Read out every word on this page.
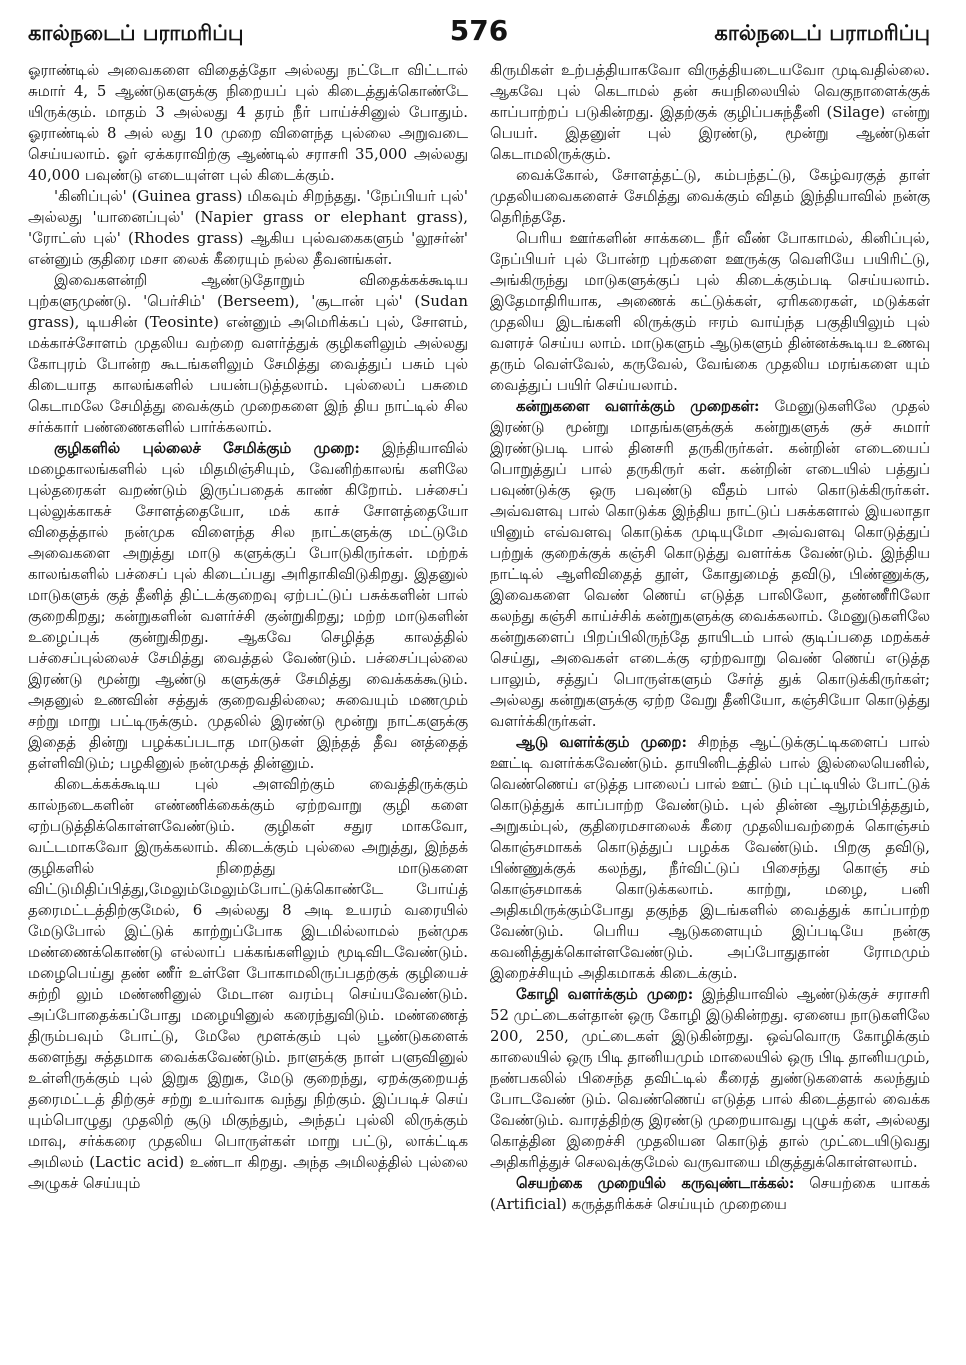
கால்நடைப் பராமரிப்பு	576	கால்நடைப் பராமரிப்பு

ஓராண்டில் அவைகளை விதைத்தோ அல்லது நட்டோ விட்டால் சுமார் 4, 5 ஆண்டுகளுக்கு நிறையப் புல் கிடைத்துக்கொண்டே யிருக்கும். மாதம் 3 அல்லது 4 தரம் நீர் பாய்ச்சினுல் போதும். ஓராண்டில் 8 அல் லது 10 முறை விளைந்த புல்லை அறுவடை செய்யலாம். ஓர் ஏக்கராவிற்கு ஆண்டில் சராசரி 35,000 அல்லது 40,000 பவுண்டு எடையுள்ள புல் கிடைக்கும்.

'கினிப்புல்' (Guinea grass) மிகவும் சிறந்தது. 'நேப்பியர் புல்' அல்லது 'யானைப்புல்' (Napier grass or elephant grass), 'ரோட்ஸ் புல்' (Rhodes grass) ஆகிய புல்வகைகளும் 'லூசர்ன்' என்னும் குதிரை மசா லைக் கீரையும் நல்ல தீவனங்கள்.

இவைகளன்றி ஆண்டுதோறும் விதைக்கக்கூடிய புற்களுமுண்டு. 'பெர்சிம்' (Berseem), 'சூடான் புல்' (Sudan grass), டியசின் (Teosinte) என்னும் அமெரிக்கப் புல், சோளம், மக்காச்சோளம் முதலிய வற்றை வளர்த்துக் குழிகளிலும் அல்லது கோபுரம் போன்ற கூடங்களிலும் சேமித்து வைத்துப் பசும் புல் கிடையாத காலங்களில் பயன்படுத்தலாம். புல்லைப் பசுமை கெடாமலே சேமித்து வைக்கும் முறைகளை இந் திய நாட்டில் சில சர்க்கார் பண்ணைகளில் பார்க்கலாம்.

குழிகளில் புல்லைச் சேமிக்கும் முறை: இந்தியாவில் மழைகாலங்களில் புல் மிதமிஞ்சியும், வேனிற்காலங் களிலே புல்தரைகள் வறண்டும் இருப்பதைக் காண் கிறோம். பச்சைப் புல்லுக்காகச் சோளத்தையோ, மக் காச் சோளத்தையோ விதைத்தால் நன்முக விளைந்த சில நாட்களுக்கு மட்டுமே அவைகளை அறுத்து மாடு களுக்குப் போடுகிருர்கள். மற்றக் காலங்களில் பச்சைப் புல் கிடைப்பது அரிதாகிவிடுகிறது. இதனுல் மாடுகளுக் குத் தீனித் திட்டக்குறைவு ஏற்பட்டுப் பசுக்களின் பால் குறைகிறது; கன்றுகளின் வளர்ச்சி குன்றுகிறது; மற்ற மாடுகளின் உழைப்புக் குன்றுகிறது. ஆகவே செழித்த காலத்தில் பச்சைப்புல்லைச் சேமித்து வைத்தல் வேண்டும். பச்சைப்புல்லை இரண்டு மூன்று ஆண்டு களுக்குச் சேமித்து வைக்கக்கூடும். அதனுல் உணவின் சத்துக் குறைவதில்லை; சுவையும் மணமும் சற்று மாறு பட்டிருக்கும். முதலில் இரண்டு மூன்று நாட்களுக்கு இதைத் தின்று பழக்கப்படாத மாடுகள் இந்தத் தீவ னத்தைத் தள்ளிவிடும்; பழகினுல் நன்முகத் தின்னும்.

கிடைக்கக்கூடிய புல் அளவிற்கும் வைத்திருக்கும் கால்நடைகளின் எண்ணிக்கைக்கும் ஏற்றவாறு குழி களை ஏற்படுத்திக்கொள்ளவேண்டும். குழிகள் சதுர மாகவோ, வட்டமாகவோ இருக்கலாம். கிடைக்கும் புல்லை அறுத்து, இந்தக் குழிகளில் நிறைத்து மாடுகளை விட்டுமிதிப்பித்து,மேலும்மேலும்போட்டுக்கொண்டே போய்த் தரைமட்டத்திற்குமேல், 6 அல்லது 8 அடி உயரம் வரையில் மேடுபோல் இட்டுக் காற்றுப்போக இடமில்லாமல் நன்முக மண்ணைக்கொண்டு எல்லாப் பக்கங்களிலும் மூடிவிடவேண்டும். மழைபெய்து தண் ணீர் உள்ளே போகாமலிருப்பதற்குக் குழியைச் சுற்றி லும் மண்ணினுல் மேடான வரம்பு செய்யவேண்டும். அப்போதைக்கப்போது மழையினுல் கரைந்துவிடும். மண்ணைத் திரும்பவும் போட்டு, மேலே மூளக்கும் புல் பூண்டுகளைக் களைந்து சுத்தமாக வைக்கவேண்டும். நாளுக்கு நாள் பளுவினுல் உள்ளிருக்கும் புல் இறுக இறுக, மேடு குறைந்து, ஏறக்குறையத் தரைமட்டத் திற்குச் சற்று உயர்வாக வந்து நிற்கும். இப்படிச் செய் யும்பொழுது முதலிற் சூடு மிகுந்தும், அந்தப் புல்லி லிருக்கும் மாவு, சர்க்கரை முதலிய பொருள்கள் மாறு பட்டு, லாக்ட்டிக அமிலம் (Lactic acid) உண்டா கிறது. அந்த அமிலத்தில் புல்லை அழுகச் செய்யும்

கிருமிகள் உற்பத்தியாகவோ விருத்தியடையவோ முடிவதில்லை. ஆகவே புல் கெடாமல் தன் சுயநிலையில் வெகுநாளைக்குக் காப்பாற்றப் படுகின்றது. இதற்குக் குழிப்பசுந்தீனி (Silage) என்று பெயர். இதனுள் புல் இரண்டு, மூன்று ஆண்டுகள் கெடாமலிருக்கும்.

வைக்கோல், சோளத்தட்டு, கம்பந்தட்டு, கேழ்வரகுத் தாள் முதலியவைகளைச் சேமித்து வைக்கும் விதம் இந்தியாவில் நன்கு தெரிந்ததே.

பெரிய ஊர்களின் சாக்கடை நீர் வீண் போகாமல், கினிப்புல், நேப்பியர் புல் போன்ற புற்களை ஊருக்கு வெளியே பயிரிட்டு, அங்கிருந்து மாடுகளுக்குப் புல் கிடைக்கும்படி செய்யலாம். இதேமாதிரியாக, அணைக் கட்டுக்கள், ஏரிகரைகள், மடுக்கள் முதலிய இடங்களி லிருக்கும் ஈரம் வாய்ந்த பகுதியிலும் புல் வளரச் செய்ய லாம். மாடுகளும் ஆடுகளும் தின்னக்கூடிய உணவு தரும் வெள்வேல், கருவேல், வேங்கை முதலிய மரங்களை யும் வைத்துப் பயிர் செய்யலாம்.

கன்றுகளை வளர்க்கும் முறைகள்: மேனுடுகளிலே முதல் இரண்டு மூன்று மாதங்களுக்குக் கன்றுகளுக் குச் சுமார் இரண்டுபடி பால் தினசரி தருகிருர்கள். கன்றின் எடையைப் பொறுத்துப் பால் தருகிருர் கள். கன்றின் எடையில் பத்துப் பவுண்டுக்கு ஒரு பவுண்டு வீதம் பால் கொடுக்கிருர்கள். அவ்வளவு பால் கொடுக்க இந்திய நாட்டுப் பசுக்களால் இயலாதா யினும் எவ்வளவு கொடுக்க முடியுமோ அவ்வளவு கொடுத்துப் பற்றுக் குறைக்குக் கஞ்சி கொடுத்து வளர்க்க வேண்டும். இந்திய நாட்டில் ஆளிவிதைத் தூள், கோதுமைத் தவிடு, பிண்ணுக்கு, இவைகளை வெண் ணெய் எடுத்த பாலிலோ, தண்ணீரிலோ கலந்து கஞ்சி காய்ச்சிக் கன்றுகளுக்கு வைக்கலாம். மேனுடுகளிலே கன்றுகளைப் பிறப்பிலிருந்தே தாயிடம் பால் குடிப்பதை மறக்கச் செய்து, அவைகள் எடைக்கு ஏற்றவாறு வெண் ணெய் எடுத்த பாலும், சத்துப் பொருள்களும் சேர்த் துக் கொடுக்கிருர்கள்; அல்லது கன்றுகளுக்கு ஏற்ற வேறு தீனியோ, கஞ்சியோ கொடுத்து வளர்க்கிருர்கள்.

ஆடு வளர்க்கும் முறை: சிறந்த ஆட்டுக்குட்டிகளைப் பால் ஊட்டி வளர்க்கவேண்டும். தாயினிடத்தில் பால் இல்லையெனில், வெண்ணெய் எடுத்த பாலைப் பால் ஊட் டும் புட்டியில் போட்டுக் கொடுத்துக் காப்பாற்ற வேண்டும். புல் தின்ன ஆரம்பித்ததும், அறுகம்புல், குதிரைமசாலைக் கீரை முதலியவற்றைக் கொஞ்சம் கொஞ்சமாகக் கொடுத்துப் பழக்க வேண்டும். பிறகு தவிடு, பிண்ணுக்குக் கலந்து, நீர்விட்டுப் பிசைந்து கொஞ் சம் கொஞ்சமாகக் கொடுக்கலாம். காற்று, மழை, பனி அதிகமிருக்கும்போது தகுந்த இடங்களில் வைத்துக் காப்பாற்ற வேண்டும். பெரிய ஆடுகளையும் இப்படியே நன்கு கவனித்துக்கொள்ளவேண்டும். அப்போதுதான் ரோமமும் இறைச்சியும் அதிகமாகக் கிடைக்கும்.

கோழி வளர்க்கும் முறை: இந்தியாவில் ஆண்டுக்குச் சராசரி 52 முட்டைகள்தான் ஒரு கோழி இடுகின்றது. ஏனைய நாடுகளிலே 200, 250, முட்டைகள் இடுகின்றது. ஒவ்வொரு கோழிக்கும் காலையில் ஒரு பிடி தானியமும் மாலையில் ஒரு பிடி தானியமும், நண்பகலில் பிசைந்த தவிட்டில் கீரைத் துண்டுகளைக் கலந்தும் போடவேண் டும். வெண்ணெய் எடுத்த பால் கிடைத்தால் வைக்க வேண்டும். வாரத்திற்கு இரண்டு முறையாவது புழுக் கள், அல்லது கொத்தின இறைச்சி முதலியன கொடுத் தால் முட்டையிடுவது அதிகரித்துச் செலவுக்குமேல் வருவாயை மிகுத்துக்கொள்ளலாம்.

செயற்கை முறையில் கருவுண்டாக்கல்: செயற்கை யாகக் (Artificial) கருத்தரிக்கச் செய்யும் முறையை
